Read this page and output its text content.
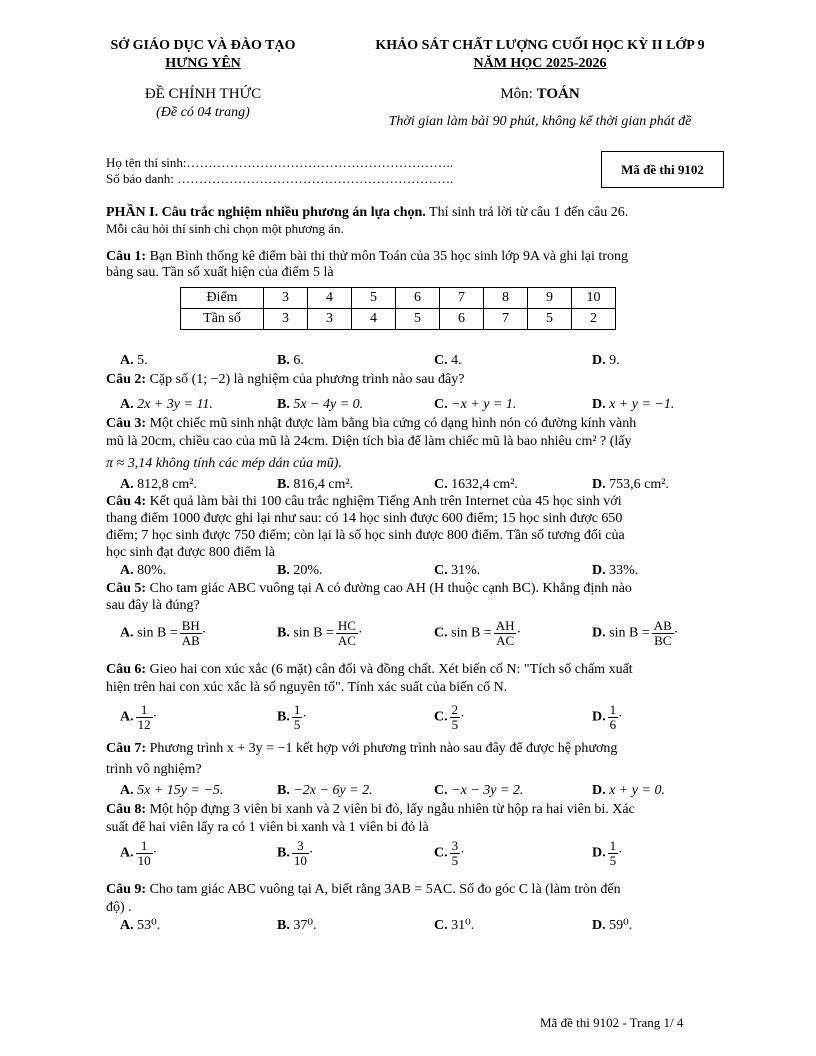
SỞ GIÁO DỤC VÀ ĐÀO TẠO
HƯNG YÊN
ĐỀ CHÍNH THỨC
(Đề có 04 trang)
KHẢO SÁT CHẤT LƯỢNG CUỐI HỌC KỲ II LỚP 9
NĂM HỌC 2025-2026
Môn: TOÁN
Thời gian làm bài 90 phút, không kể thời gian phát đề
Họ tên thí sinh:……………………………………………………..
Số báo danh: ……………………………………………………….
Mã đề thi 9102
PHẦN I. Câu trắc nghiệm nhiều phương án lựa chọn. Thí sinh trả lời từ câu 1 đến câu 26.
Mỗi câu hỏi thí sinh chỉ chọn một phương án.
Câu 1: Bạn Bình thống kê điểm bài thi thử môn Toán của 35 học sinh lớp 9A và ghi lại trong
bảng sau. Tần số xuất hiện của điểm 5 là
Điểm	3	4	5	6	7	8	9	10
Tần số	3	3	4	5	6	7	5	2
A. 5.	B. 6.	C. 4.	D. 9.
Câu 2: Cặp số (1; −2) là nghiệm của phương trình nào sau đây?
A. 2x + 3y = 11.	B. 5x − 4y = 0.	C. −x + y = 1.	D. x + y = −1.
Câu 3: Một chiếc mũ sinh nhật được làm bằng bìa cứng có dạng hình nón có đường kính vành
mũ là 20cm, chiều cao của mũ là 24cm. Diện tích bìa để làm chiếc mũ là bao nhiêu cm² ? (lấy
π ≈ 3,14 không tính các mép dán của mũ).
A. 812,8 cm².	B. 816,4 cm².	C. 1632,4 cm².	D. 753,6 cm².
Câu 4: Kết quả làm bài thi 100 câu trắc nghiệm Tiếng Anh trên Internet của 45 học sinh với
thang điểm 1000 được ghi lại như sau: có 14 học sinh được 600 điểm; 15 học sinh được 650
điểm; 7 học sinh được 750 điểm; còn lại là số học sinh được 800 điểm. Tần số tương đối của
học sinh đạt được 800 điểm là
A. 80%.	B. 20%.	C. 31%.	D. 33%.
Câu 5: Cho tam giác ABC vuông tại A có đường cao AH (H thuộc cạnh BC). Khẳng định nào
sau đây là đúng?
A. $\sin B = \frac{BH}{AB}$ ·	B. $\sin B = \frac{HC}{AC}$ ·	C. $\sin B = \frac{AH}{AC}$ ·	D. $\sin B = \frac{AB}{BC}$ ·
Câu 6: Gieo hai con xúc xắc (6 mặt) cân đối và đồng chất. Xét biến cố N: "Tích số chấm xuất
hiện trên hai con xúc xắc là số nguyên tố". Tính xác suất của biến cố N.
A. $\frac{1}{12}$ ·	B. $\frac{1}{5}$ ·	C. $\frac{2}{5}$ ·	D. $\frac{1}{6}$ ·
Câu 7: Phương trình x + 3y = −1 kết hợp với phương trình nào sau đây để được hệ phương
trình vô nghiệm?
A. 5x + 15y = −5.	B. −2x − 6y = 2.	C. −x − 3y = 2.	D. x + y = 0.
Câu 8: Một hộp đựng 3 viên bi xanh và 2 viên bi đỏ, lấy ngẫu nhiên từ hộp ra hai viên bi. Xác
suất để hai viên lấy ra có 1 viên bi xanh và 1 viên bi đỏ là
A. $\frac{1}{10}$ ·	B. $\frac{3}{10}$ ·	C. $\frac{3}{5}$ ·	D. $\frac{1}{5}$ ·
Câu 9: Cho tam giác ABC vuông tại A, biết rằng 3AB = 5AC. Số đo góc C là (làm tròn đến
độ) .
A. 53⁰.	B. 37⁰.	C. 31⁰.	D. 59⁰.
Mã đề thi 9102 - Trang 1/ 4
